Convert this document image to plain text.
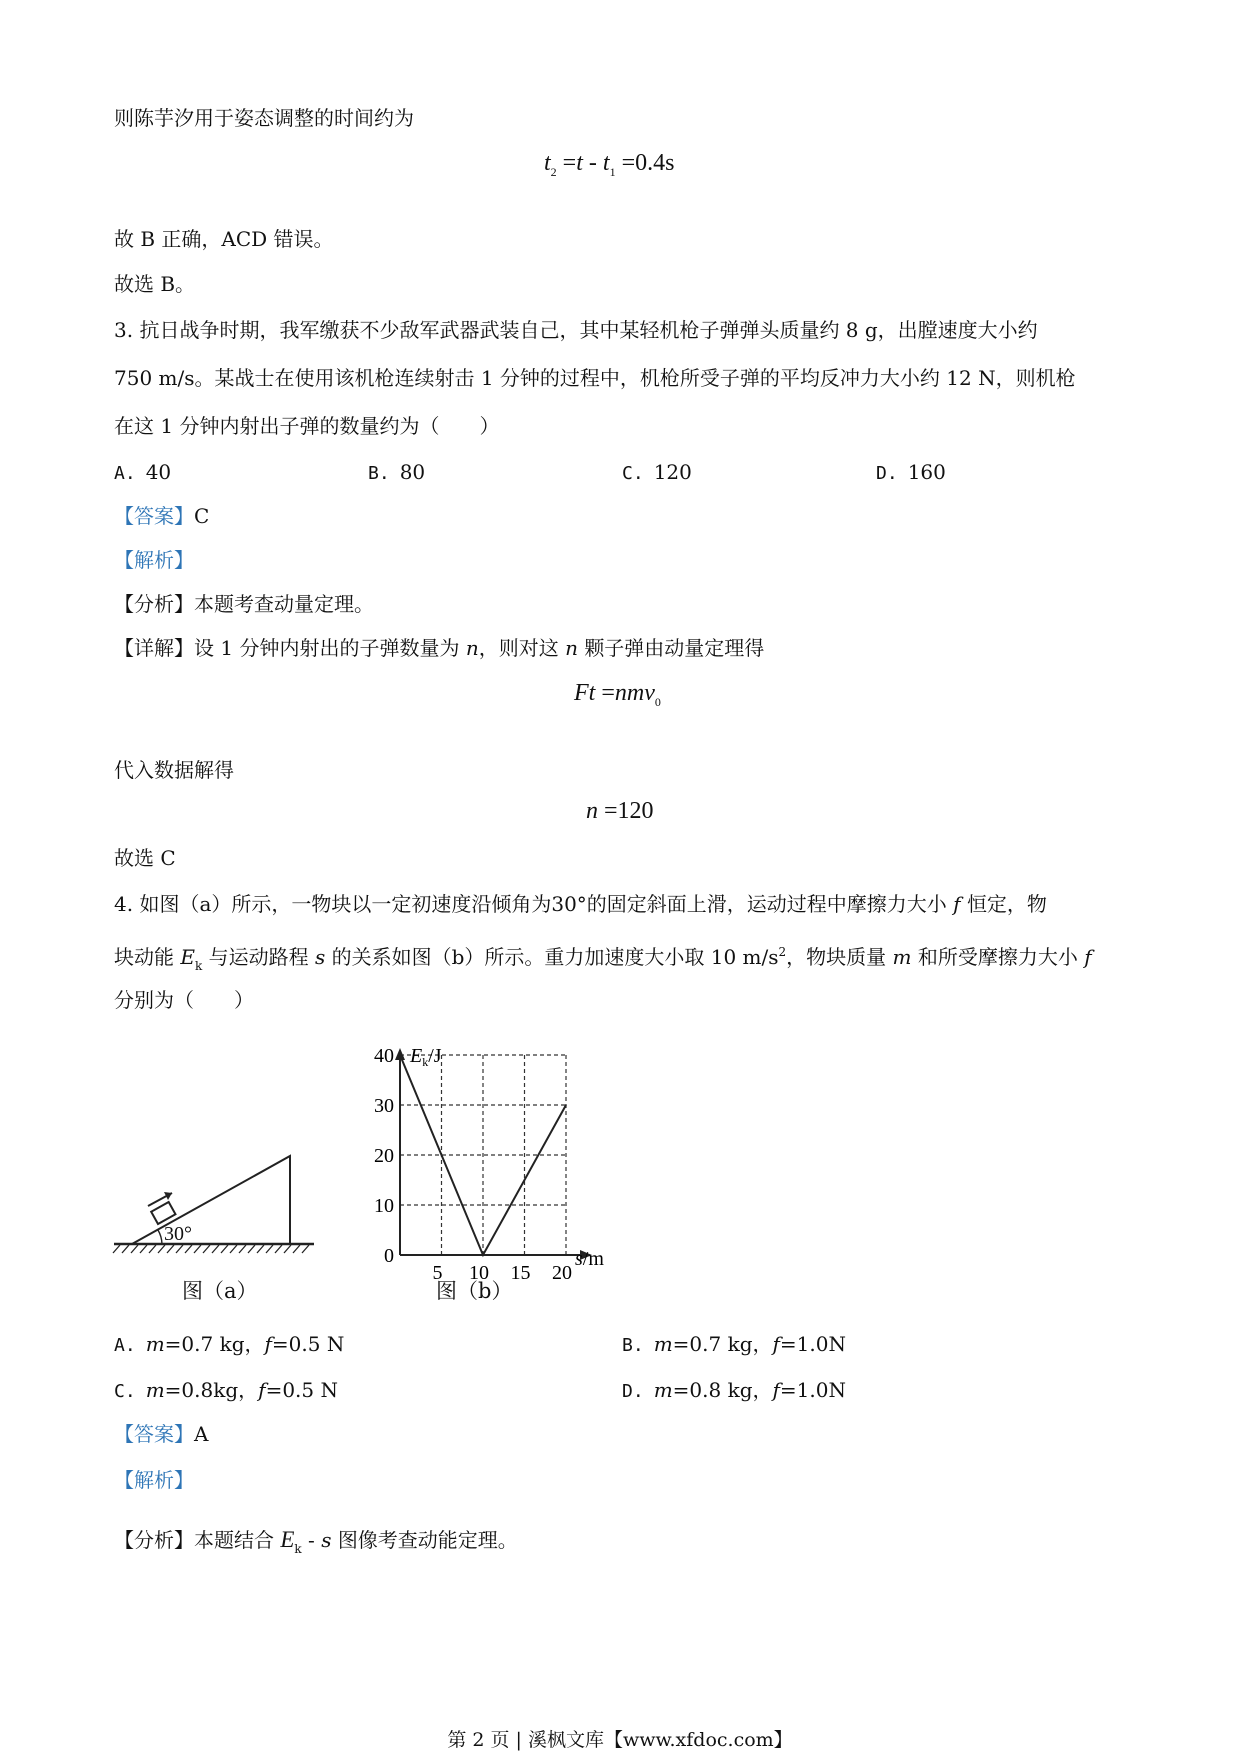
则陈芋汐用于姿态调整的时间约为
$t_2 =t - t_1 =0.4s$
故 B 正确，ACD 错误。
故选 B。
3. 抗日战争时期，我军缴获不少敌军武器武装自己，其中某轻机枪子弹弹头质量约 8 g，出膛速度大小约
750 m/s。某战士在使用该机枪连续射击 1 分钟的过程中，机枪所受子弹的平均反冲力大小约 12 N，则机枪
在这 1 分钟内射出子弹的数量约为（　　）
A. 40	B. 80	C. 120	D. 160
【答案】C
【解析】
【分析】本题考查动量定理。
【详解】设 1 分钟内射出的子弹数量为 n，则对这 n 颗子弹由动量定理得
Ft =nmv$_0$
代入数据解得
n =120
故选 C
4. 如图（a）所示，一物块以一定初速度沿倾角为30°的固定斜面上滑，运动过程中摩擦力大小 f 恒定，物
块动能 $E_k$ 与运动路程 s 的关系如图（b）所示。重力加速度大小取 10 $m/s^2$，物块质量 m 和所受摩擦力大小 f
分别为（　　）
30°
图（a）
0
10
20
30
40
5 10 15 20
$E_k/J$
s/m
图（b）
A. m=0.7 kg，f=0.5 N	B. m=0.7 kg，f=1.0N
C. m=0.8kg，f=0.5 N	D. m=0.8 kg，f=1.0N
【答案】A
【解析】
【分析】本题结合 $E_k$ - s 图像考查动能定理。
第 2 页 | 溪枫文库【www.xfdoc.com】
